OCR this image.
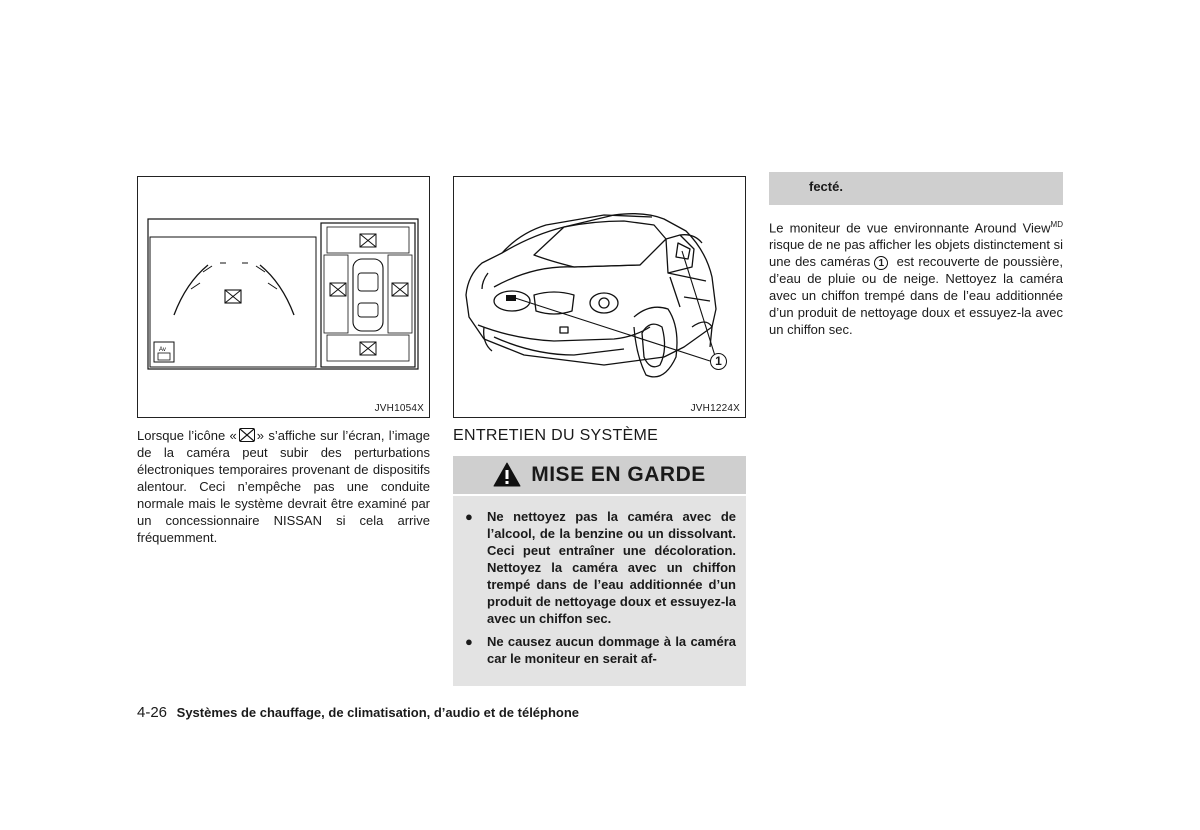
Av
JVH1054X
1
JVH1224X
Lorsque l’icône « » s’affiche sur l’écran, l’image de la caméra peut subir des perturbations électroniques temporaires provenant de dispositifs alentour. Ceci n’empêche pas une conduite normale mais le système devrait être examiné par un concessionnaire NISSAN si cela arrive fréquemment.
ENTRETIEN DU SYSTÈME
MISE EN GARDE
● Ne nettoyez pas la caméra avec de l’alcool, de la benzine ou un dissolvant. Ceci peut entraîner une décoloration. Nettoyez la caméra avec un chiffon trempé dans de l’eau additionnée d’un produit de nettoyage doux et essuyez-la avec un chiffon sec.
● Ne causez aucun dommage à la caméra car le moniteur en serait af-
fecté.
Le moniteur de vue environnante Around View$^{MD}$ risque de ne pas afficher les objets distinctement si une des caméras 1 est recouverte de poussière, d’eau de pluie ou de neige. Nettoyez la caméra avec un chiffon trempé dans de l’eau additionnée d’un produit de nettoyage doux et essuyez-la avec un chiffon sec.
4-26 Systèmes de chauffage, de climatisation, d’audio et de téléphone
